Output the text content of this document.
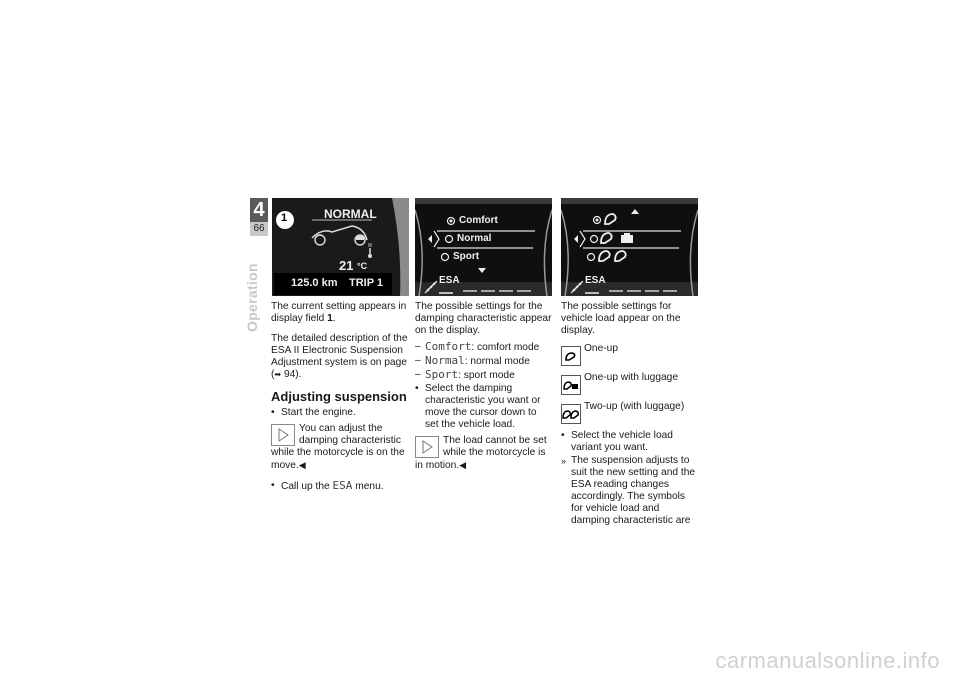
4
66
Operation
1	NORMAL
21 °C
125.0 km TRIP 1
Comfort
Normal
Sport
ESA	ESA

The current setting appears in display field 1.

The detailed description of the ESA II Electronic Suspension Adjustment system is on page (➡ 94).

Adjusting suspension
• Start the engine.
You can adjust the damping characteristic while the motorcycle is on the move.◀
• Call up the ESA menu.

The possible settings for the damping characteristic appear on the display.

– Comfort: comfort mode
– Normal: normal mode
– Sport: sport mode
• Select the damping characteristic you want or move the cursor down to set the vehicle load.
The load cannot be set while the motorcycle is in motion.◀

The possible settings for vehicle load appear on the display.

One-up
One-up with luggage
Two-up (with luggage)
• Select the vehicle load variant you want.
» The suspension adjusts to suit the new setting and the ESA reading changes accordingly. The symbols for vehicle load and damping characteristic are
carmanualsonline.info
